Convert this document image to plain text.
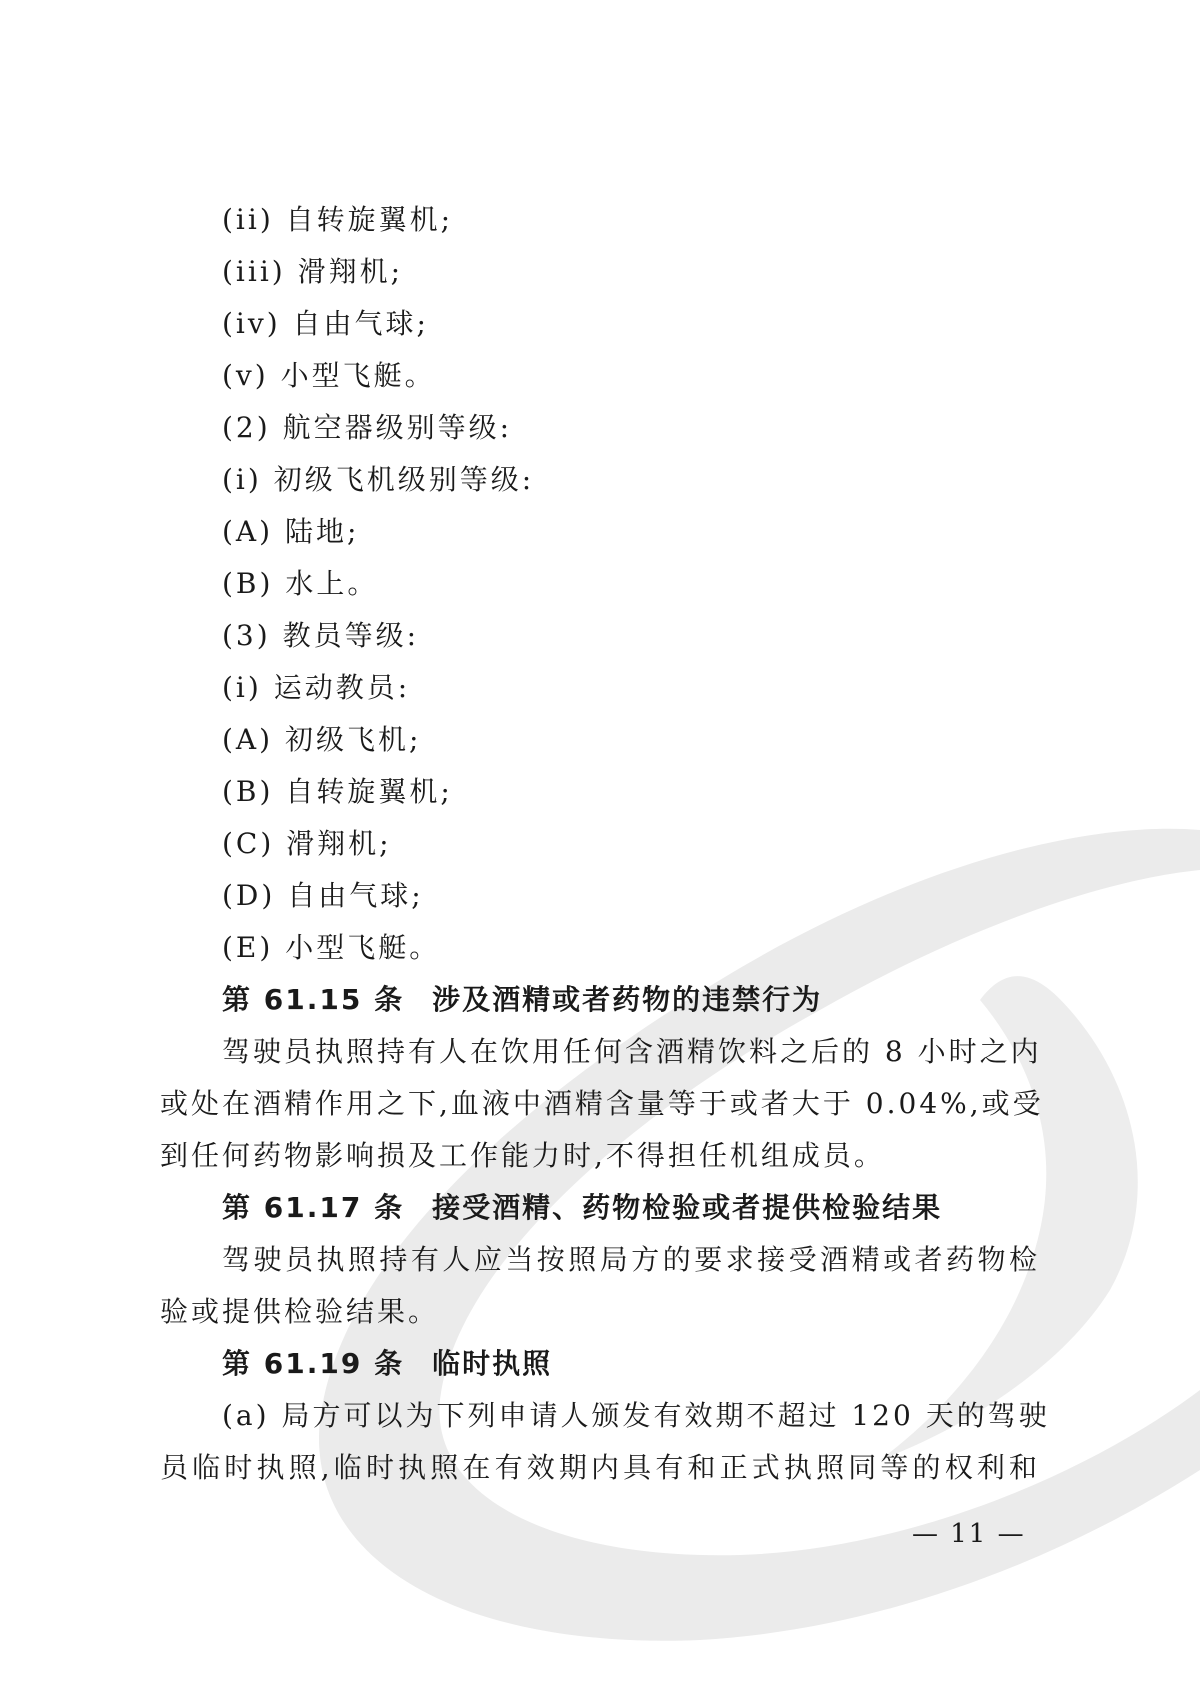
(ii) 自转旋翼机;
(iii) 滑翔机;
(iv) 自由气球;
(v) 小型飞艇。
(2) 航空器级别等级:
(i) 初级飞机级别等级:
(A) 陆地;
(B) 水上。
(3) 教员等级:
(i) 运动教员:
(A) 初级飞机;
(B) 自转旋翼机;
(C) 滑翔机;
(D) 自由气球;
(E) 小型飞艇。
第 61.15 条 涉及酒精或者药物的违禁行为
驾驶员执照持有人在饮用任何含酒精饮料之后的 8 小时之内
或处在酒精作用之下,血液中酒精含量等于或者大于 0.04%,或受
到任何药物影响损及工作能力时,不得担任机组成员。
第 61.17 条 接受酒精、药物检验或者提供检验结果
驾驶员执照持有人应当按照局方的要求接受酒精或者药物检
验或提供检验结果。
第 61.19 条 临时执照
(a) 局方可以为下列申请人颁发有效期不超过 120 天的驾驶
员临时执照,临时执照在有效期内具有和正式执照同等的权利和
— 11 —
